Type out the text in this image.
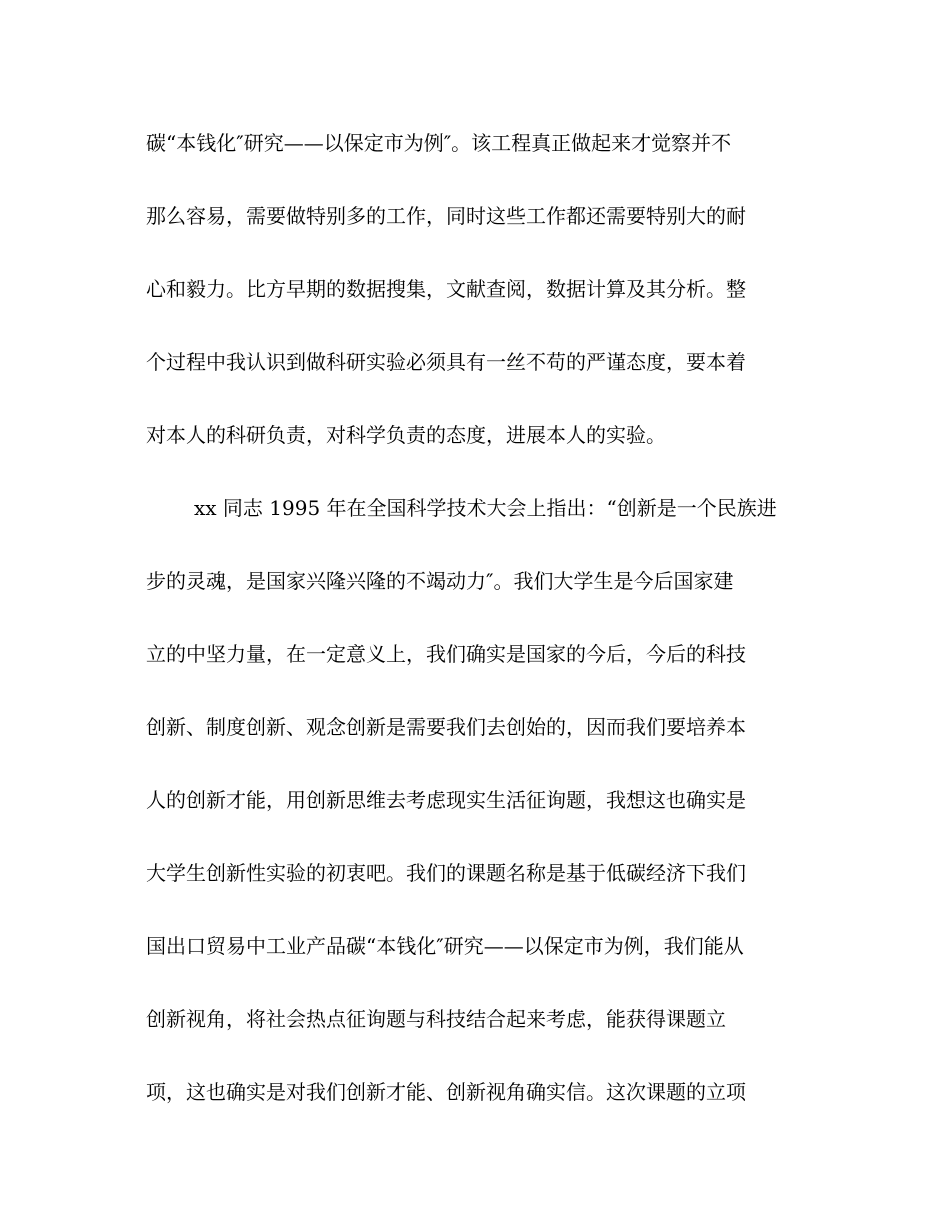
碳“本钱化″研究——以保定市为例″。该工程真正做起来才觉察并不
那么容易，需要做特别多的工作，同时这些工作都还需要特别大的耐
心和毅力。比方早期的数据搜集，文献查阅，数据计算及其分析。整
个过程中我认识到做科研实验必须具有一丝不苟的严谨态度，要本着
对本人的科研负责，对科学负责的态度，进展本人的实验。
xx 同志 1995 年在全国科学技术大会上指出：“创新是一个民族进
步的灵魂，是国家兴隆兴隆的不竭动力″。我们大学生是今后国家建
立的中坚力量，在一定意义上，我们确实是国家的今后，今后的科技
创新、制度创新、观念创新是需要我们去创始的，因而我们要培养本
人的创新才能，用创新思维去考虑现实生活征询题，我想这也确实是
大学生创新性实验的初衷吧。我们的课题名称是基于低碳经济下我们
国出口贸易中工业产品碳“本钱化″研究——以保定市为例，我们能从
创新视角，将社会热点征询题与科技结合起来考虑，能获得课题立
项，这也确实是对我们创新才能、创新视角确实信。这次课题的立项
